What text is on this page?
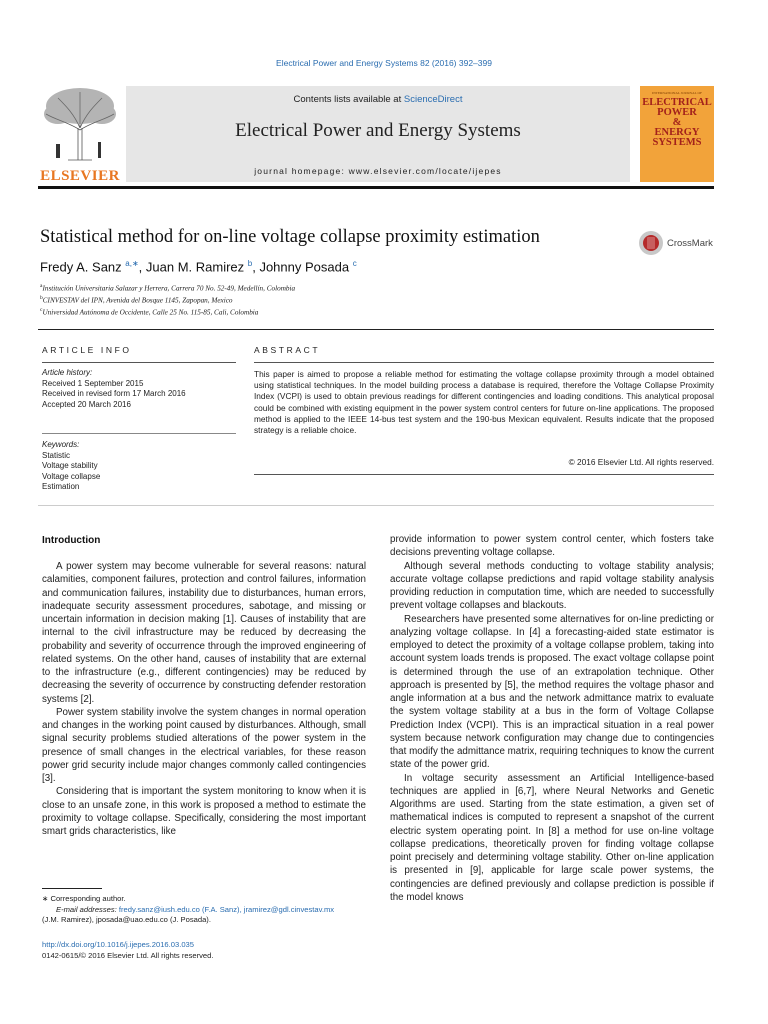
Electrical Power and Energy Systems 82 (2016) 392–399
ELSEVIER
Contents lists available at ScienceDirect
Electrical Power and Energy Systems
journal homepage: www.elsevier.com/locate/ijepes
INTERNATIONAL JOURNAL OF
ELECTRICAL
POWER
&
ENERGY
SYSTEMS
Statistical method for on-line voltage collapse proximity estimation	CrossMark
Fredy A. Sanz $^{a,∗}$, Juan M. Ramirez $^b$, Johnny Posada $^c$
$^a$Institución Universitaria Salazar y Herrera, Carrera 70 No. 52-49, Medellín, Colombia
$^b$CINVESTAV del IPN, Avenida del Bosque 1145, Zapopan, Mexico
$^c$Universidad Autónoma de Occidente, Calle 25 No. 115-85, Cali, Colombia
ARTICLE INFO	ABSTRACT
Article history:
Received 1 September 2015
Received in revised form 17 March 2016
Accepted 20 March 2016
Keywords:
Statistic
Voltage stability
Voltage collapse
Estimation
This paper is aimed to propose a reliable method for estimating the voltage collapse proximity through a model obtained using statistical techniques. In the model building process a database is required, therefore the Voltage Collapse Proximity Index (VCPI) is used to obtain previous readings for different contingencies and loading conditions. This analytical proposal could be combined with existing equipment in the power system control centers for future on-line applications. The proposed method is applied to the IEEE 14-bus test system and the 190-bus Mexican equivalent. Results indicate that the proposed strategy is a reliable choice.
© 2016 Elsevier Ltd. All rights reserved.
Introduction

A power system may become vulnerable for several reasons: natural calamities, component failures, protection and control failures, information and communication failures, instability due to disturbances, human errors, inadequate security assessment procedures, sabotage, and missing or uncertain information in decision making [1]. Causes of instability that are internal to the civil infrastructure may be reduced by decreasing the probability and severity of occurrence through the improved engineering of related systems. On the other hand, causes of instability that are external to the infrastructure (e.g., different contingencies) may be reduced by decreasing the severity of occurrence by constructing defender restoration systems [2].

Power system stability involve the system changes in normal operation and changes in the working point caused by disturbances. Although, small signal security problems studied alterations of the power system in the presence of small changes in the electrical variables, for these reason power grid security include major changes commonly called contingencies [3].

Considering that is important the system monitoring to know when it is close to an unsafe zone, in this work is proposed a method to estimate the proximity to voltage collapse. Specifically, considering the most important smart grids characteristics, like

provide information to power system control center, which fosters take decisions preventing voltage collapse.

Although several methods conducting to voltage stability analysis; accurate voltage collapse predictions and rapid voltage stability analysis providing reduction in computation time, which are needed to successfully prevent voltage collapses and blackouts.

Researchers have presented some alternatives for on-line predicting or analyzing voltage collapse. In [4] a forecasting-aided state estimator is employed to detect the proximity of a voltage collapse problem, taking into account system loads trends is proposed. The exact voltage collapse point is determined through the use of an extrapolation technique. Other approach is presented by [5], the method requires the voltage phasor and angle information at a bus and the network admittance matrix to evaluate the system voltage stability at a bus in the form of Voltage Collapse Prediction Index (VCPI). This is an impractical situation in a real power system because network configuration may change due to contingencies that modify the admittance matrix, requiring techniques to know the current state of the power grid.

In voltage security assessment an Artificial Intelligence-based techniques are applied in [6,7], where Neural Networks and Genetic Algorithms are used. Starting from the state estimation, a given set of mathematical indices is computed to represent a snapshot of the current electric system operating point. In [8] a method for use on-line voltage collapse predications, theoretically proven for finding voltage collapse point precisely and determining voltage stability. Other on-line application is presented in [9], applicable for large scale power systems, the contingencies are defined previously and collapse prediction is possible if the model knows

∗ Corresponding author.
E-mail addresses: fredy.sanz@iush.edu.co (F.A. Sanz), jramirez@gdl.cinvestav.mx
(J.M. Ramirez), jposada@uao.edu.co (J. Posada).
http://dx.doi.org/10.1016/j.ijepes.2016.03.035
0142-0615/© 2016 Elsevier Ltd. All rights reserved.
